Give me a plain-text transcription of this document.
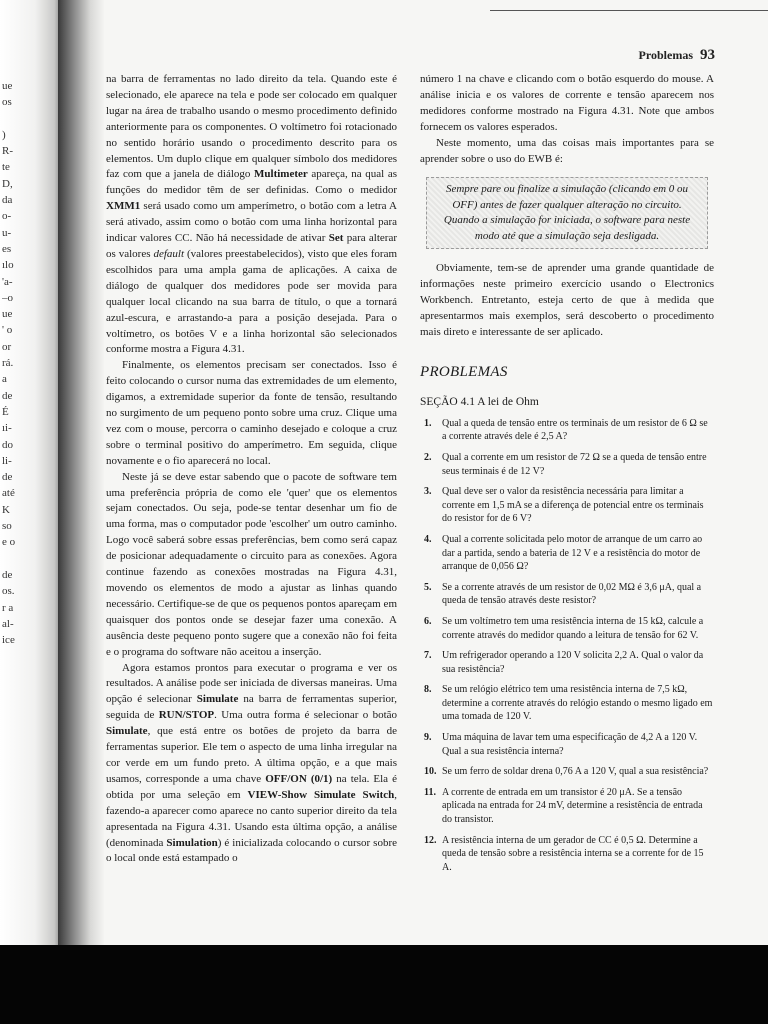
ue
os

)
R-
te
D,
da
o-
u-
es
ılo
'a-
–o
ue
' o
or
rá.
a
de
É
ıi-
do
li-
de
até
K
so
e o

de
os.
r a
al-
ice
Problemas 93

na barra de ferramentas no lado direito da tela. Quando este é selecionado, ele aparece na tela e pode ser colocado em qualquer lugar na área de trabalho usando o mesmo procedimento definido anteriormente para os componentes. O voltímetro foi rotacionado no sentido horário usando o procedimento descrito para os elementos. Um duplo clique em qualquer símbolo dos medidores faz com que a janela de diálogo Multimeter apareça, na qual as funções do medidor têm de ser definidas. Como o medidor XMM1 será usado como um amperímetro, o botão com a letra A será ativado, assim como o botão com uma linha horizontal para indicar valores CC. Não há necessidade de ativar Set para alterar os valores default (valores preestabelecidos), visto que eles foram escolhidos para uma ampla gama de aplicações. A caixa de diálogo de qualquer dos medidores pode ser movida para qualquer local clicando na sua barra de título, o que a tornará azul-escura, e arrastando-a para a posição desejada. Para o voltímetro, os botões V e a linha horizontal são selecionados conforme mostra a Figura 4.31.

Finalmente, os elementos precisam ser conectados. Isso é feito colocando o cursor numa das extremidades de um elemento, digamos, a extremidade superior da fonte de tensão, resultando no surgimento de um pequeno ponto sobre uma cruz. Clique uma vez com o mouse, percorra o caminho desejado e coloque a cruz sobre o terminal positivo do amperímetro. Em seguida, clique novamente e o fio aparecerá no local.

Neste já se deve estar sabendo que o pacote de software tem uma preferência própria de como ele 'quer' que os elementos sejam conectados. Ou seja, pode-se tentar desenhar um fio de uma forma, mas o computador pode 'escolher' um outro caminho. Logo você saberá sobre essas preferências, bem como será capaz de posicionar adequadamente o circuito para as conexões. Agora continue fazendo as conexões mostradas na Figura 4.31, movendo os elementos de modo a ajustar as linhas quando necessário. Certifique-se de que os pequenos pontos apareçam em quaisquer dos pontos onde se desejar fazer uma conexão. A ausência deste pequeno ponto sugere que a conexão não foi feita e o programa do software não aceitou a inserção.

Agora estamos prontos para executar o programa e ver os resultados. A análise pode ser iniciada de diversas maneiras. Uma opção é selecionar Simulate na barra de ferramentas superior, seguida de RUN/STOP. Uma outra forma é selecionar o botão Simulate, que está entre os botões de projeto da barra de ferramentas superior. Ele tem o aspecto de uma linha irregular na cor verde em um fundo preto. A última opção, e a que mais usamos, corresponde a uma chave OFF/ON (0/1) na tela. Ela é obtida por uma seleção em VIEW-Show Simulate Switch, fazendo-a aparecer como aparece no canto superior direito da tela apresentada na Figura 4.31. Usando esta última opção, a análise (denominada Simulation) é inicializada colocando o cursor sobre o local onde está estampado o

número 1 na chave e clicando com o botão esquerdo do mouse. A análise inicia e os valores de corrente e tensão aparecem nos medidores conforme mostrado na Figura 4.31. Note que ambos fornecem os valores esperados.

Neste momento, uma das coisas mais importantes para se aprender sobre o uso do EWB é:

Sempre pare ou finalize a simulação (clicando em 0 ou OFF) antes de fazer qualquer alteração no circuito. Quando a simulação for iniciada, o software para neste modo até que a simulação seja desligada.

Obviamente, tem-se de aprender uma grande quantidade de informações neste primeiro exercício usando o Electronics Workbench. Entretanto, esteja certo de que à medida que apresentarmos mais exemplos, será descoberto o procedimento mais direto e interessante de ser aplicado.

PROBLEMAS
SEÇÃO 4.1 A lei de Ohm
1. Qual a queda de tensão entre os terminais de um resistor de 6 Ω se a corrente através dele é 2,5 A?
2. Qual a corrente em um resistor de 72 Ω se a queda de tensão entre seus terminais é de 12 V?
3. Qual deve ser o valor da resistência necessária para limitar a corrente em 1,5 mA se a diferença de potencial entre os terminais do resistor for de 6 V?
4. Qual a corrente solicitada pelo motor de arranque de um carro ao dar a partida, sendo a bateria de 12 V e a resistência do motor de arranque de 0,056 Ω?
5. Se a corrente através de um resistor de 0,02 MΩ é 3,6 μA, qual a queda de tensão através deste resistor?
6. Se um voltímetro tem uma resistência interna de 15 kΩ, calcule a corrente através do medidor quando a leitura de tensão for 62 V.
7. Um refrigerador operando a 120 V solicita 2,2 A. Qual o valor da sua resistência?
8. Se um relógio elétrico tem uma resistência interna de 7,5 kΩ, determine a corrente através do relógio estando o mesmo ligado em uma tomada de 120 V.
9. Uma máquina de lavar tem uma especificação de 4,2 A a 120 V. Qual a sua resistência interna?
10. Se um ferro de soldar drena 0,76 A a 120 V, qual a sua resistência?
11. A corrente de entrada em um transistor é 20 μA. Se a tensão aplicada na entrada for 24 mV, determine a resistência de entrada do transistor.
12. A resistência interna de um gerador de CC é 0,5 Ω. Determine a queda de tensão sobre a resistência interna se a corrente for de 15 A.
